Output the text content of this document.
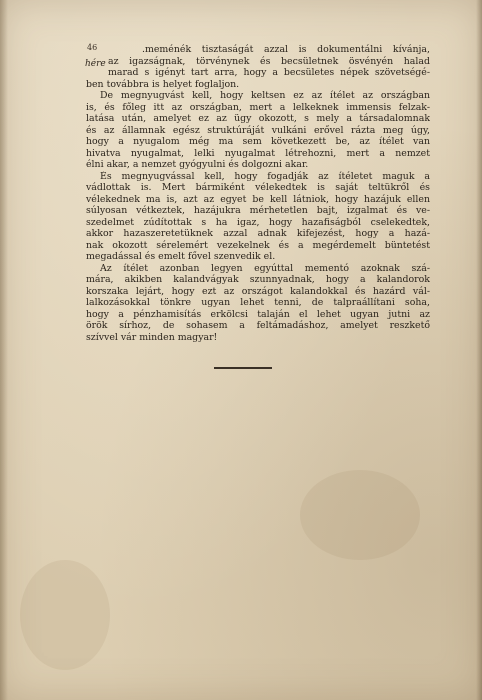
46
hére
.meménék tisztaságát azzal is dokumentálni kívánja,
az igazságnak, törvénynek és becsületnek ösvényén halad
marad s igényt tart arra, hogy a becsületes népek szövetségé-
ben továbbra is helyet foglaljon.
De megnyugvást kell, hogy keltsen ez az ítélet az országban
is, és főleg itt az országban, mert a lelkeknek immensis felzak-
latása után, amelyet ez az ügy okozott, s mely a társadalomnak
és az államnak egész struktúráját vulkáni erővel rázta meg úgy,
hogy a nyugalom még ma sem következett be, az ítélet van
hivatva nyugalmat, lelki nyugalmat létrehozni, mert a nemzet
élni akar, a nemzet gyógyulni és dolgozni akar.
És megnyugvással kell, hogy fogadják az ítéletet maguk a
vádlottak is. Mert bármiként vélekedtek is saját teltükről és
vélekednek ma is, azt az egyet be kell látniok, hogy hazájuk ellen
súlyosan vétkeztek, hazájukra mérhetetlen bajt, izgalmat és ve-
szedelmet zúdítottak s ha igaz, hogy hazafiságból cselekedtek,
akkor hazaszeretetüknek azzal adnak kifejezést, hogy a hazá-
nak okozott sérelemért vezekelnek és a megérdemelt büntetést
megadással és emelt fővel szenvedik el.
Az ítélet azonban legyen egyúttal mementó azoknak szá-
mára, akikben kalandvágyak szunnyadnak, hogy a kalandorok
korszaka lejárt, hogy ezt az országot kalandokkal és hazárd vál-
lalkozásokkal tönkre ugyan lehet tenni, de talpraállítani soha,
hogy a pénzhamisítás erkölcsi talaján el lehet ugyan jutni az
örök sírhoz, de sohasem a feltámadáshoz, amelyet reszkető
szívvel vár minden magyar!
